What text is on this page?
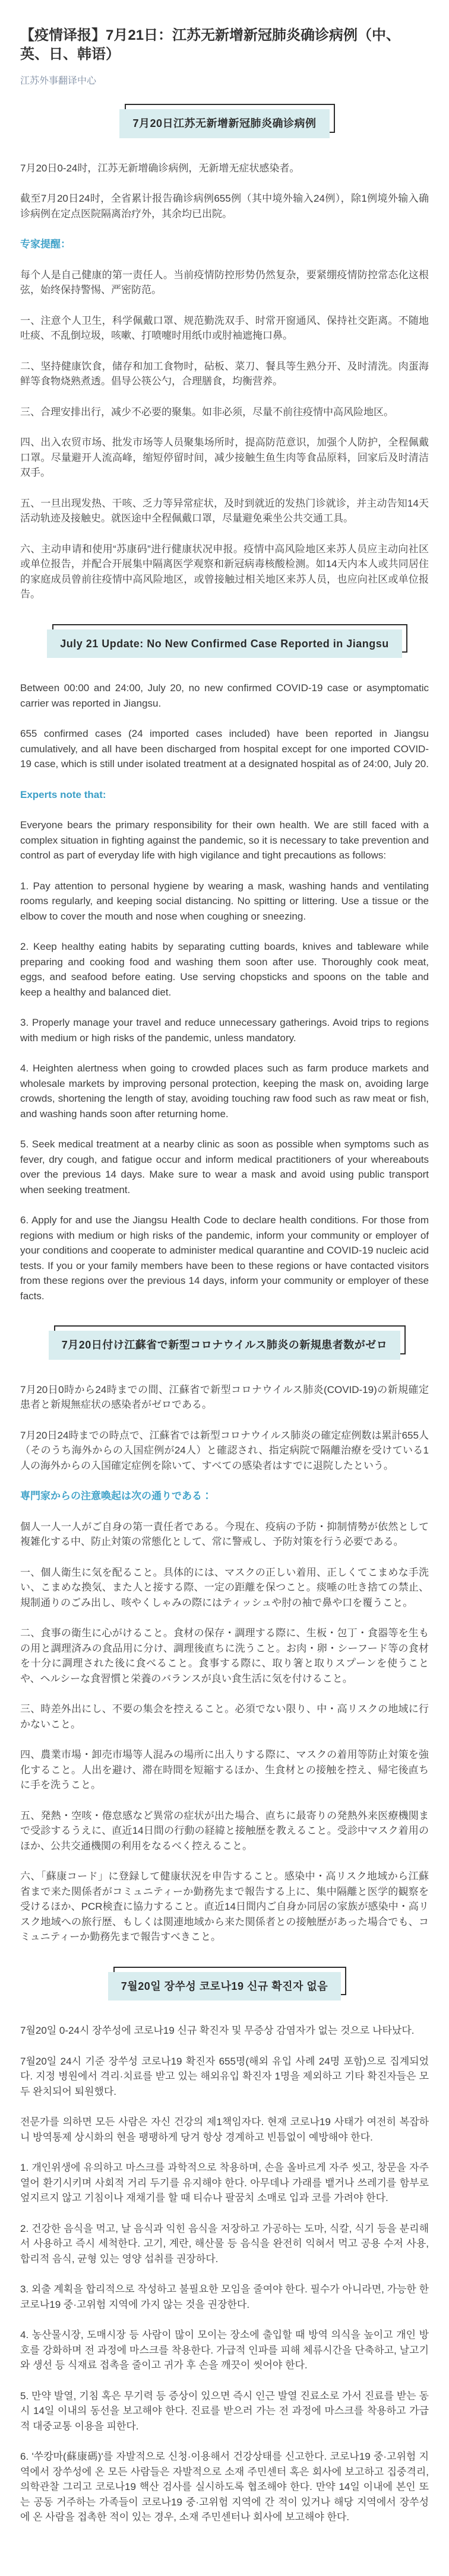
【疫情译报】7月21日：江苏无新增新冠肺炎确诊病例（中、英、日、韩语）
江苏外事翻译中心
7月20日江苏无新增新冠肺炎确诊病例

7月20日0-24时，江苏无新增确诊病例，无新增无症状感染者。

截至7月20日24时，全省累计报告确诊病例655例（其中境外输入24例），除1例境外输入确诊病例在定点医院隔离治疗外，其余均已出院。

专家提醒：

每个人是自己健康的第一责任人。当前疫情防控形势仍然复杂，要紧绷疫情防控常态化这根弦，始终保持警惕、严密防范。

一、注意个人卫生，科学佩戴口罩、规范勤洗双手、时常开窗通风、保持社交距离。不随地吐痰、不乱倒垃圾，咳嗽、打喷嚏时用纸巾或肘袖遮掩口鼻。

二、坚持健康饮食，储存和加工食物时，砧板、菜刀、餐具等生熟分开、及时清洗。肉蛋海鲜等食物烧熟煮透。倡导公筷公勺，合理膳食，均衡营养。

三、合理安排出行，减少不必要的聚集。如非必须，尽量不前往疫情中高风险地区。

四、出入农贸市场、批发市场等人员聚集场所时，提高防范意识，加强个人防护，全程佩戴口罩。尽量避开人流高峰，缩短停留时间，减少接触生鱼生肉等食品原料，回家后及时清洁双手。

五、一旦出现发热、干咳、乏力等异常症状，及时到就近的发热门诊就诊，并主动告知14天活动轨迹及接触史。就医途中全程佩戴口罩，尽量避免乘坐公共交通工具。

六、主动申请和使用“苏康码”进行健康状况申报。疫情中高风险地区来苏人员应主动向社区或单位报告，并配合开展集中隔离医学观察和新冠病毒核酸检测。如14天内本人或共同居住的家庭成员曾前往疫情中高风险地区，或曾接触过相关地区来苏人员，也应向社区或单位报告。

July 21 Update: No New Confirmed Case Reported in Jiangsu

Between 00:00 and 24:00, July 20, no new confirmed COVID-19 case or asymptomatic carrier was reported in Jiangsu.

655 confirmed cases (24 imported cases included) have been reported in Jiangsu cumulatively, and all have been discharged from hospital except for one imported COVID-19 case, which is still under isolated treatment at a designated hospital as of 24:00, July 20.

Experts note that:

Everyone bears the primary responsibility for their own health. We are still faced with a complex situation in fighting against the pandemic, so it is necessary to take prevention and control as part of everyday life with high vigilance and tight precautions as follows:

1. Pay attention to personal hygiene by wearing a mask, washing hands and ventilating rooms regularly, and keeping social distancing. No spitting or littering. Use a tissue or the elbow to cover the mouth and nose when coughing or sneezing.

2. Keep healthy eating habits by separating cutting boards, knives and tableware while preparing and cooking food and washing them soon after use. Thoroughly cook meat, eggs, and seafood before eating. Use serving chopsticks and spoons on the table and keep a healthy and balanced diet.

3. Properly manage your travel and reduce unnecessary gatherings. Avoid trips to regions with medium or high risks of the pandemic, unless mandatory.

4. Heighten alertness when going to crowded places such as farm produce markets and wholesale markets by improving personal protection, keeping the mask on, avoiding large crowds, shortening the length of stay, avoiding touching raw food such as raw meat or fish, and washing hands soon after returning home.

5. Seek medical treatment at a nearby clinic as soon as possible when symptoms such as fever, dry cough, and fatigue occur and inform medical practitioners of your whereabouts over the previous 14 days. Make sure to wear a mask and avoid using public transport when seeking treatment.

6. Apply for and use the Jiangsu Health Code to declare health conditions. For those from regions with medium or high risks of the pandemic, inform your community or employer of your conditions and cooperate to administer medical quarantine and COVID-19 nucleic acid tests. If you or your family members have been to these regions or have contacted visitors from these regions over the previous 14 days, inform your community or employer of these facts.

7月20日付け江蘇省で新型コロナウイルス肺炎の新規患者数がゼロ

7月20日0時から24時までの間、江蘇省で新型コロナウイルス肺炎(COVID-19)の新規確定患者と新規無症状の感染者がゼロである。

7月20日24時までの時点で、江蘇省では新型コロナウイルス肺炎の確定症例数は累計655人（そのうち海外からの入国症例が24人）と確認され、指定病院で隔離治療を受けている1人の海外からの入国確定症例を除いて、すべての感染者はすでに退院したという。

専門家からの注意喚起は次の通りである：

個人一人一人がご自身の第一責任者である。今現在、疫病の予防・抑制情勢が依然として複雑化する中、防止対策の常態化として、常に警戒し、予防対策を行う必要である。

一、個人衛生に気を配ること。具体的には、マスクの正しい着用、正しくてこまめな手洗い、こまめな換気、また人と接する際、一定の距離を保つこと。痰唾の吐き捨ての禁止、規制通りのごみ出し、咳やくしゃみの際にはティッシュや肘の袖で鼻や口を覆うこと。

二、食事の衛生に心がけること。食材の保存・調理する際に、生板・包丁・食器等を生もの用と調理済みの食品用に分け、調理後直ちに洗うこと。お肉・卵・シーフード等の食材を十分に調理された後に食べること。食事する際に、取り箸と取りスプーンを使うことや、ヘルシーな食習慣と栄養のバランスが良い食生活に気を付けること。

三、時差外出にし、不要の集会を控えること。必須でない限り、中・高リスクの地域に行かないこと。

四、農業市場・卸売市場等人混みの場所に出入りする際に、マスクの着用等防止対策を強化すること。人出を避け、滞在時間を短縮するほか、生食材との接触を控え、帰宅後直ちに手を洗うこと。

五、発熱・空咳・倦怠感など異常の症状が出た場合、直ちに最寄りの発熱外来医療機関まで受診するうえに、直近14日間の行動の経緯と接触歴を教えること。受診中マスク着用のほか、公共交通機関の利用をなるべく控えること。

六、「蘇康コード」に登録して健康状況を申告すること。感染中・高リスク地域から江蘇省まで来た関係者がコミュニティーか勤務先まで報告する上に、集中隔離と医学的観察を受けるほか、PCR検査に協力すること。直近14日間内ご自身か同居の家族が感染中・高リスク地域への旅行歴、もしくは関連地域から来た関係者との接触歴があった場合でも、コミュニティーか勤務先まで報告すべきこと。

7월20일 장쑤성 코로나19 신규 확진자 없음

7월20일 0-24시 장쑤성에 코로나19 신규 확진자 및 무증상 감염자가 없는 것으로 나타났다.

7월20일 24시 기준 장쑤성 코로나19 확진자 655명(해외 유입 사례 24명 포함)으로 집계되었다. 지정 병원에서 격리·치료를 받고 있는 해외유입 확진자 1명을 제외하고 기타 확진자들은 모두 완치되어 퇴원했다.

전문가를 의하면 모든 사람은 자신 건강의 제1책임자다. 현재 코로나19 사태가 여전히 복잡하니 방역통제 상시화의 현을 팽팽하게 당겨 항상 경계하고 빈틈없이 예방해야 한다.

1. 개인위생에 유의하고 마스크를 과학적으로 착용하며, 손을 올바르게 자주 씻고, 창문을 자주 열어 환기시키며 사회적 거리 두기를 유지해야 한다. 아무데나 가래를 뱉거나 쓰레기를 함부로 엎지르지 않고 기침이나 재채기를 할 때 티슈나 팔꿈치 소매로 입과 코를 가려야 한다.

2. 건강한 음식을 먹고, 날 음식과 익힌 음식을 저장하고 가공하는 도마, 식칼, 식기 등을 분리해서 사용하고 즉시 세척한다. 고기, 계란, 해산물 등 음식을 완전히 익혀서 먹고 공용 수저 사용, 합리적 음식, 균형 있는 영양 섭취를 권장하다.

3. 외출 계획을 합리적으로 작성하고 불필요한 모임을 줄여야 한다. 필수가 아니라면, 가능한 한 코로나19 중·고위험 지역에 가지 않는 것을 권장한다.

4. 농산물시장, 도매시장 등 사람이 많이 모이는 장소에 출입할 때 방역 의식을 높이고 개인 방호를 강화하며 전 과정에 마스크를 착용한다. 가급적 인파를 피해 체류시간을 단축하고, 날고기와 생선 등 식재료 접촉을 줄이고 귀가 후 손을 깨끗이 씻어야 한다.

5. 만약 발열, 기침 혹은 무기력 등 증상이 있으면 즉시 인근 발열 진료소로 가서 진료를 받는 동시 14일 이내의 동선을 보고해야 한다. 진료를 받으러 가는 전 과정에 마스크를 착용하고 가급적 대중교통 이용을 피한다.

6. '쑤캉마(蘇康碼)'를 자발적으로 신청·이용해서 건강상태를 신고한다. 코로나19 중·고위험 지역에서 장쑤성에 온 모든 사람들은 자발적으로 소재 주민센터 혹은 회사에 보고하고 집중격리, 의학관찰 그리고 코로나19 핵산 검사를 실시하도록 협조해야 한다. 만약 14일 이내에 본인 또는 공동 거주하는 가족들이 코로나19 중·고위험 지역에 간 적이 있거나 해당 지역에서 장쑤성에 온 사람을 접촉한 적이 있는 경우, 소재 주민센터나 회사에 보고해야 한다.
